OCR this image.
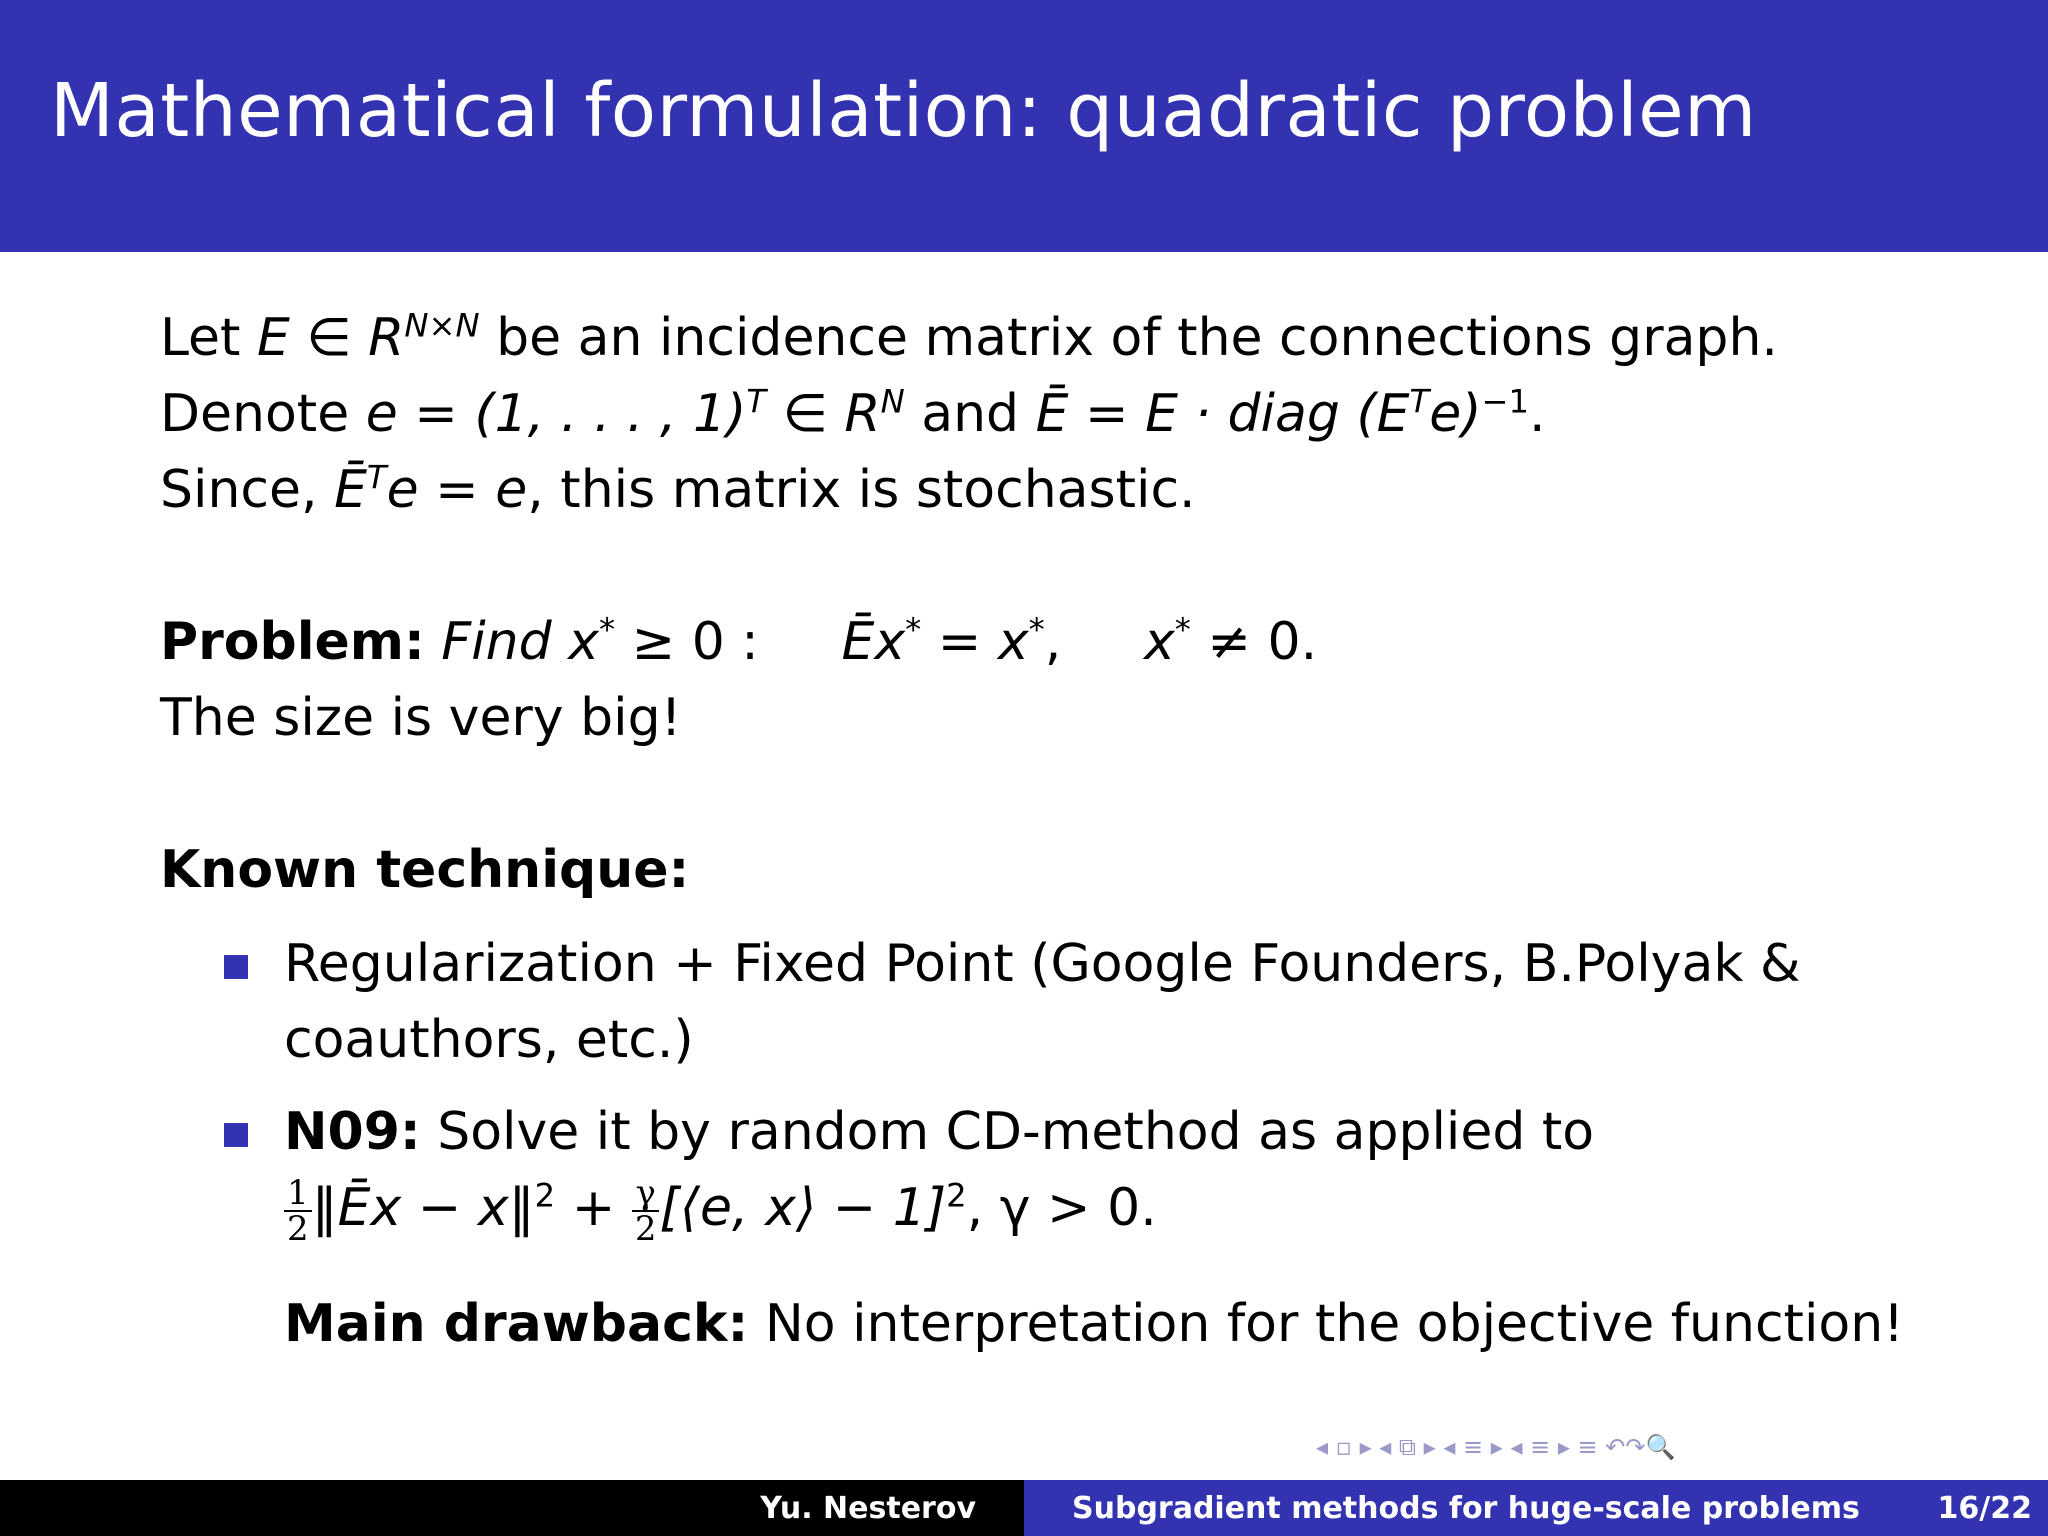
Mathematical formulation: quadratic problem
Let E ∈ $R^{N\times N}$ be an incidence matrix of the connections graph.
Denote e = (1, . . . , 1)$^T$ ∈ $R^N$ and Ē = E · diag $(E^Te)^{-1}$.
Since, $Ē^Te = e$, this matrix is stochastic.
Problem: Find x* ≥ 0 : Ēx* = x*, x* ≠ 0.
The size is very big!
Known technique:
Regularization + Fixed Point (Google Founders, B.Polyak & coauthors, etc.)
N09: Solve it by random CD-method as applied to

$\frac{1}{2}$ ‖Ēx − x‖$^2$ + $\frac{\gamma}{2}$ [⟨e, x⟩ − 1]$^2$, γ > 0.
Main drawback: No interpretation for the objective function!
◂ ▫ ▸ ◂ ⧉ ▸ ◂ ≡ ▸ ◂ ≡ ▸ ≡ ↶↷🔍
Yu. Nesterov	Subgradient methods for huge-scale problems	16/22
